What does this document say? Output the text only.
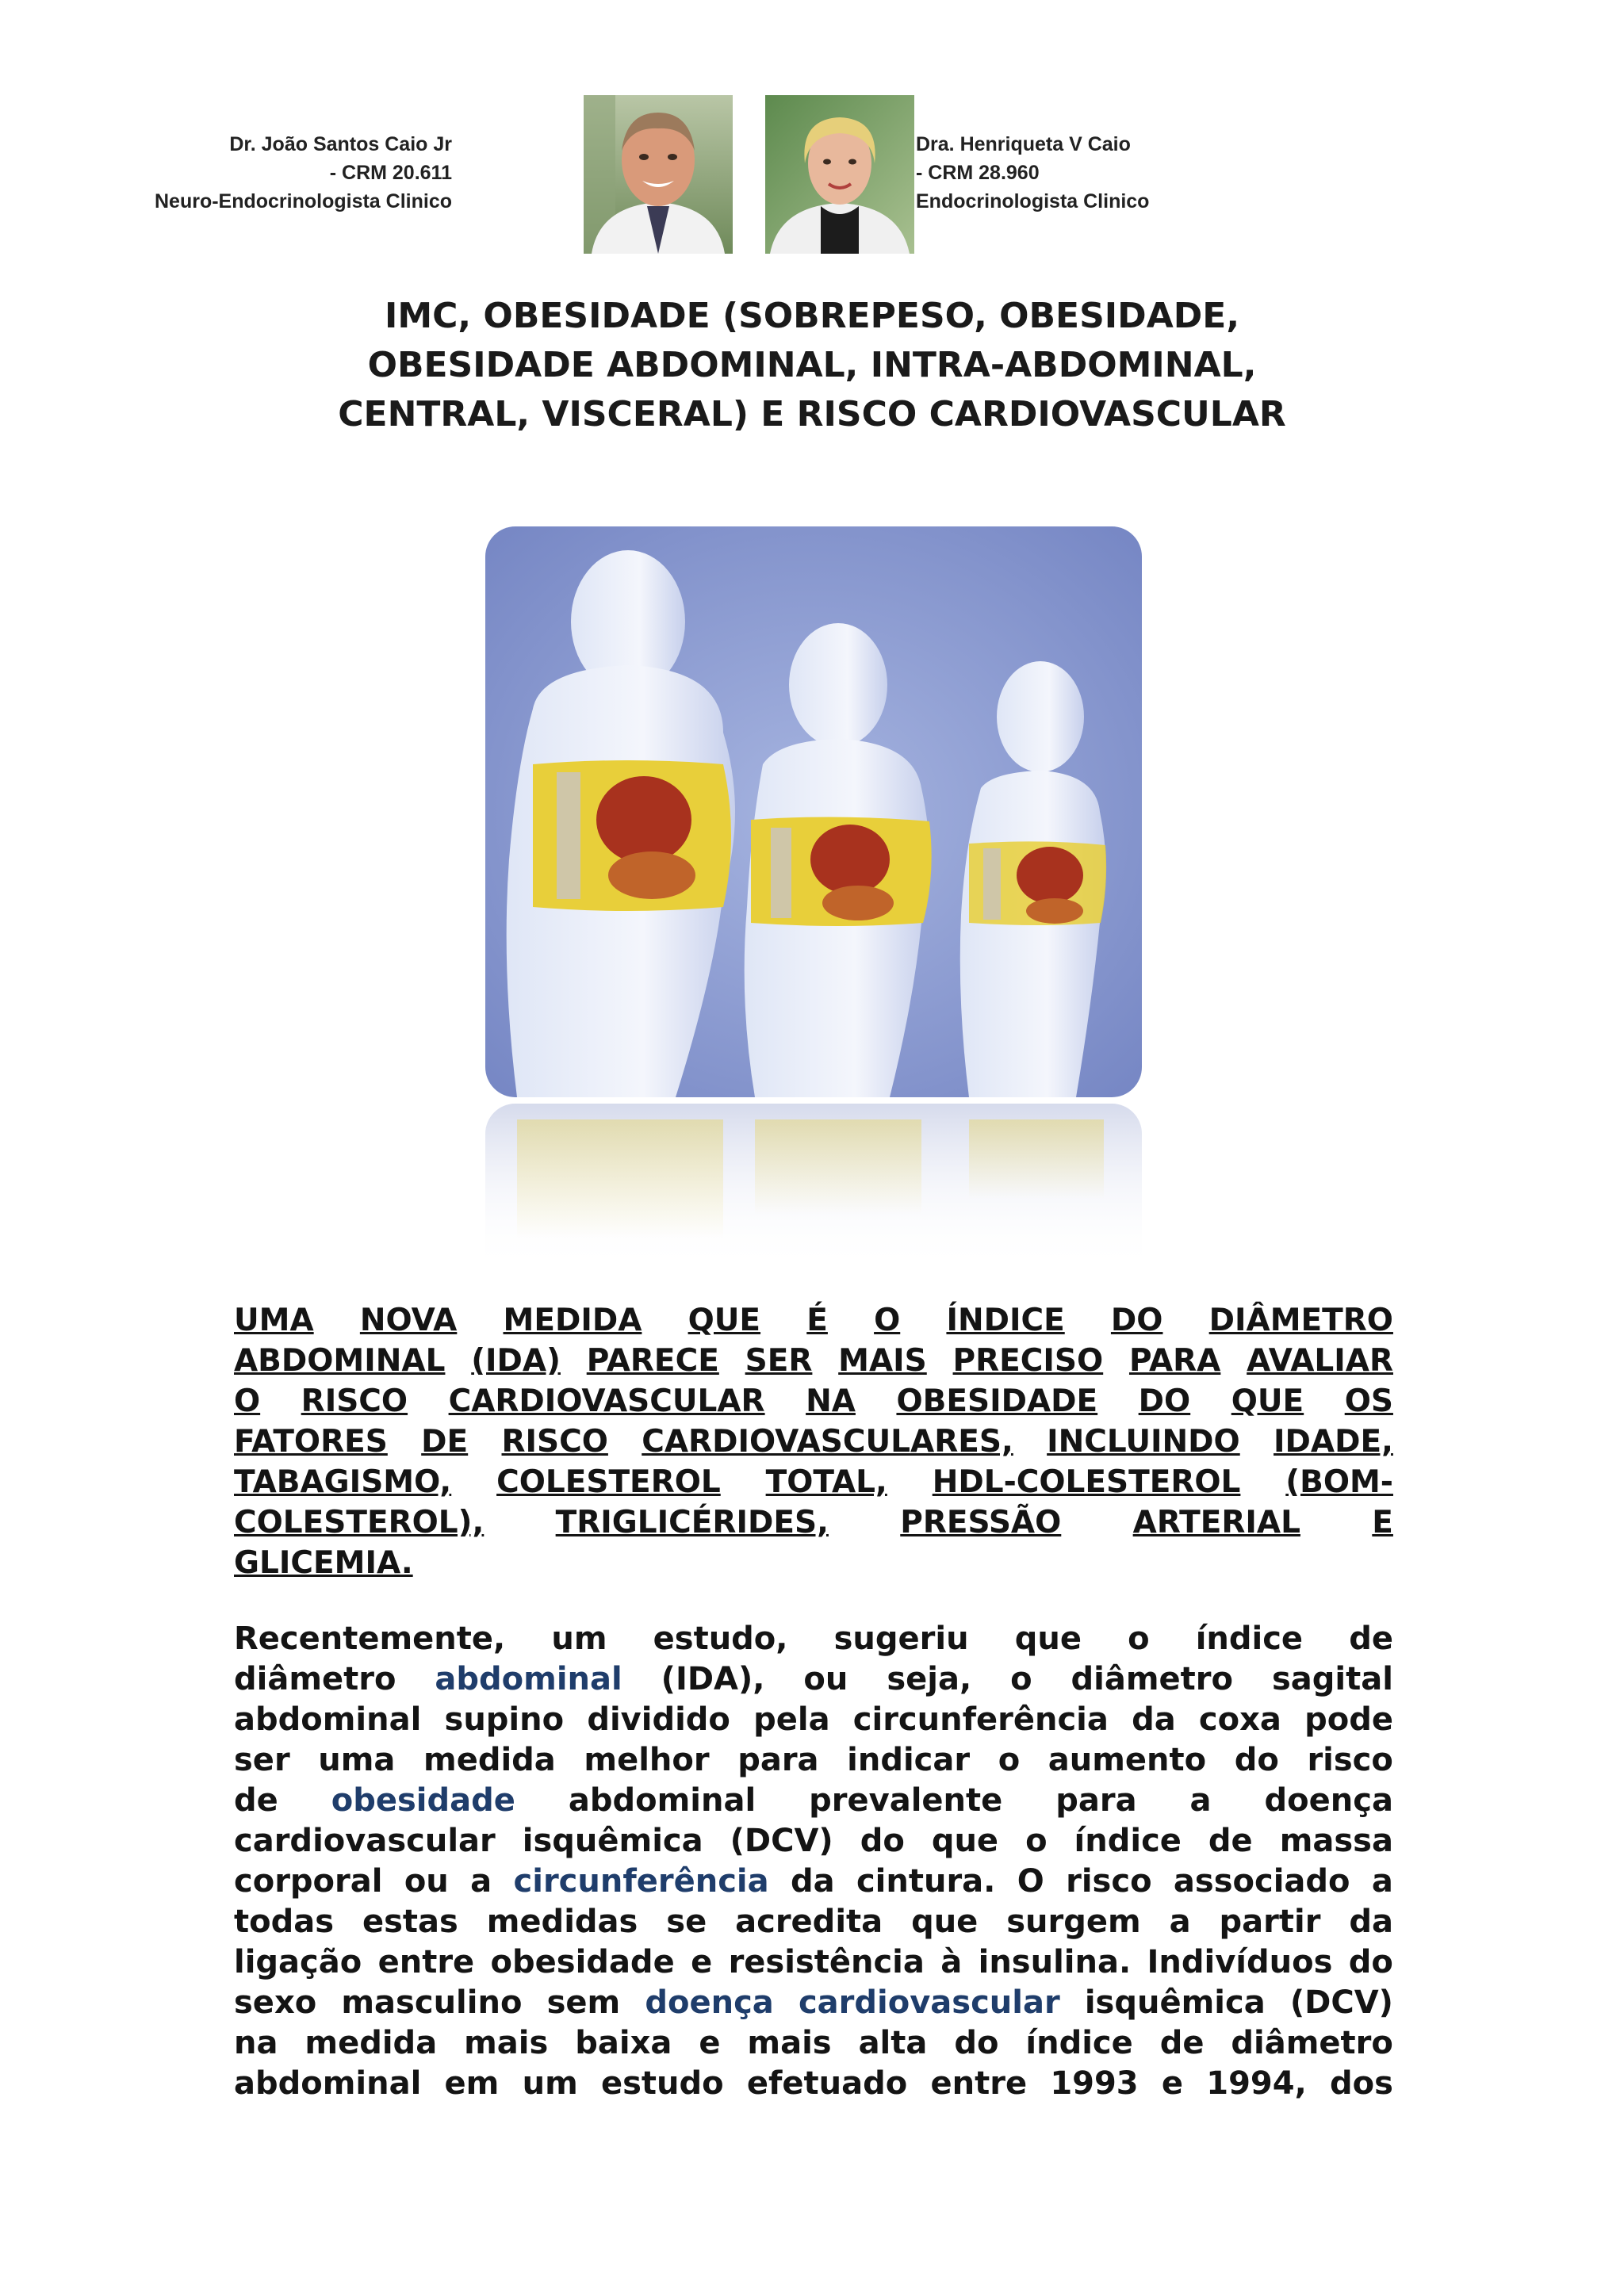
Dr. João Santos Caio Jr
- CRM 20.611
Neuro-Endocrinologista Clinico
Dra. Henriqueta V Caio
- CRM 28.960
Endocrinologista Clinico
IMC, OBESIDADE (SOBREPESO, OBESIDADE,
OBESIDADE ABDOMINAL, INTRA-ABDOMINAL,
CENTRAL, VISCERAL) E RISCO CARDIOVASCULAR
UMA NOVA MEDIDA QUE É O ÍNDICE DO DIÂMETRO
ABDOMINAL (IDA) PARECE SER MAIS PRECISO PARA AVALIAR
O RISCO CARDIOVASCULAR NA OBESIDADE DO QUE OS
FATORES DE RISCO CARDIOVASCULARES, INCLUINDO IDADE,
TABAGISMO, COLESTEROL TOTAL, HDL-COLESTEROL (BOM-
COLESTEROL), TRIGLICÉRIDES, PRESSÃO ARTERIAL E
GLICEMIA.
Recentemente, um estudo, sugeriu que o índice de
diâmetro abdominal (IDA), ou seja, o diâmetro sagital
abdominal supino dividido pela circunferência da coxa pode
ser uma medida melhor para indicar o aumento do risco
de obesidade abdominal prevalente para a doença
cardiovascular isquêmica (DCV) do que o índice de massa
corporal ou a circunferência da cintura. O risco associado a
todas estas medidas se acredita que surgem a partir da
ligação entre obesidade e resistência à insulina. Indivíduos do
sexo masculino sem doença cardiovascular isquêmica (DCV)
na medida mais baixa e mais alta do índice de diâmetro
abdominal em um estudo efetuado entre 1993 e 1994, dos
